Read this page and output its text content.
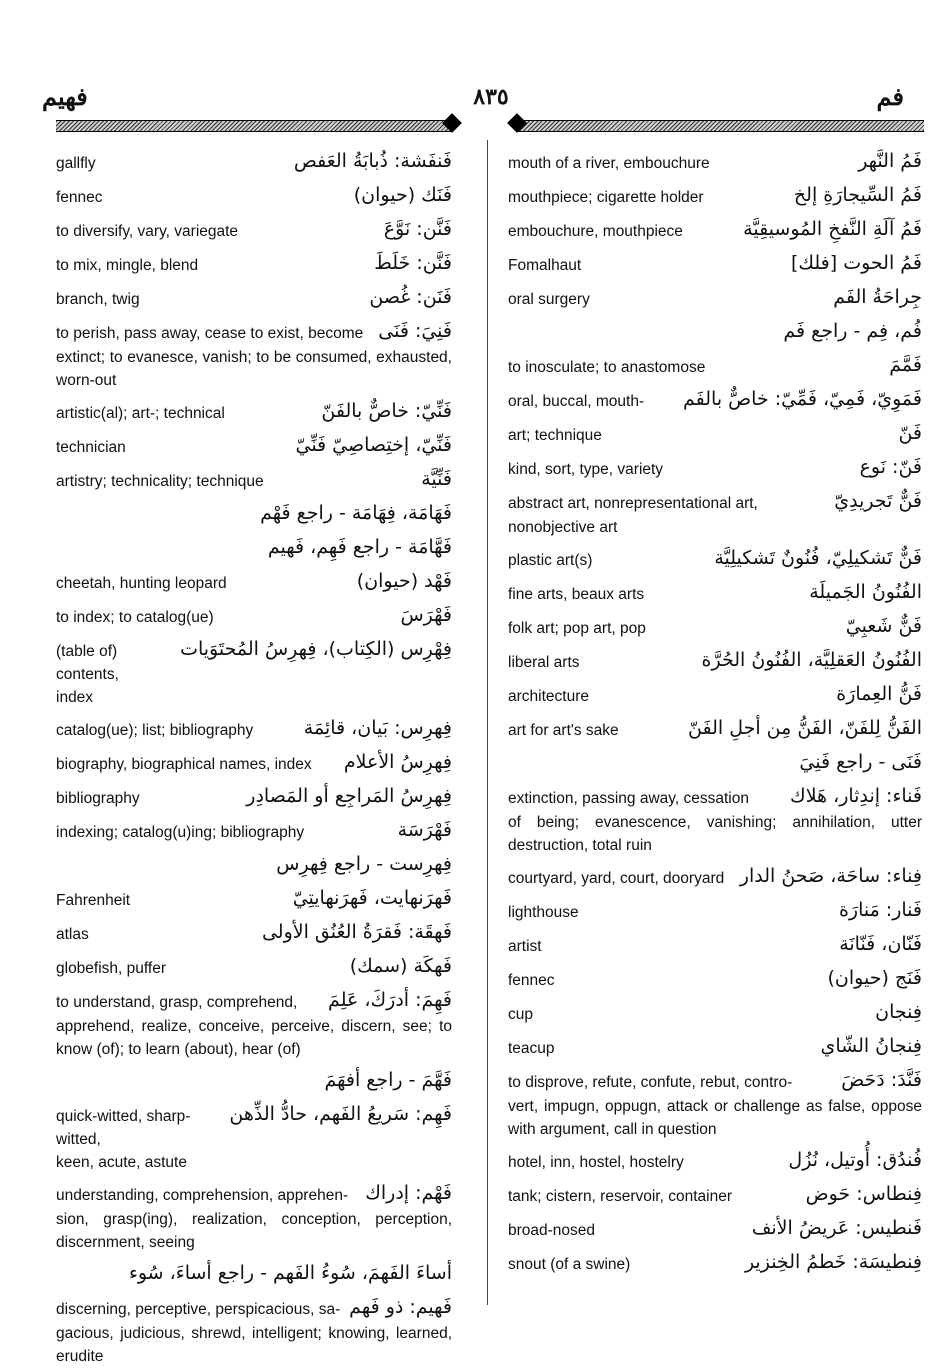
فم
٨٣٥
فهيم
gallfly	فَنفَشة: ذُبابَةُ العَفص
fennec	فَنَك (حيوان)
to diversify, vary, variegate	فَنَّن: نَوَّعَ
to mix, mingle, blend	فَنَّن: خَلَطَ
branch, twig	فَنَن: غُصن
to perish, pass away, cease to exist, become فَنِيَ: فَنَى
extinct; to evanesce, vanish; to be consumed, exhausted, worn-out
artistic(al); art-; technical	فَنِّيّ: خاصٌّ بالفَنّ
technician	فَنِّيّ، إختِصاصِيّ فَنِّيّ
artistry; technicality; technique	فَنِّيَّة
فَهَامَة، فِهَامَة - راجع فَهْم
فَهَّامَة - راجع فَهِم، فَهيم
cheetah, hunting leopard	فَهْد (حيوان)
to index; to catalog(ue)	فَهْرَسَ
(table of) contents,
فِهْرِس (الكِتاب)، فِهرِسُ المُحتَوَيات
index
catalog(ue); list; bibliography	فِهرِس: بَيان، قائِمَة
biography, biographical names, index	فِهرِسُ الأعلام
bibliography	فِهرِسُ المَراجِع أو المَصادِر
indexing; catalog(u)ing; bibliography	فَهْرَسَة
فِهرِست - راجع فِهرِس
Fahrenheit	فَهرَنهايت، فَهرَنهايتِيّ
atlas	فَهقَة: فَقرَةُ العُنُق الأولى
globefish, puffer	فَهكَة (سمك)
to understand, grasp, comprehend,	فَهِمَ: أدرَكَ، عَلِمَ
apprehend, realize, conceive, perceive, discern, see; to know (of); to learn (about), hear (of)
فَهَّمَ - راجع أفهَمَ
quick-witted, sharp-witted,
فَهِم: سَريعُ الفَهم، حادُّ الذِّهن
keen, acute, astute
understanding, comprehension, apprehen- فَهْم: إدراك
sion, grasp(ing), realization, conception, perception, discernment, seeing
أساءَ الفَهمَ، سُوءُ الفَهم - راجع أساءَ، سُوء
discerning, perceptive, perspicacious, sa- فَهيم: ذو فَهم
gacious, judicious, shrewd, intelligent; knowing, learned, erudite
mouth of a river, embouchure	فَمُ النَّهر
mouthpiece; cigarette holder	فَمُ السِّيجارَةِ إلخ
embouchure, mouthpiece	فَمُ آلَةِ النَّفخِ المُوسيقِيَّة
Fomalhaut	فَمُ الحوت [فلك]
oral surgery	جِراحَةُ الفَم
فُم، فِم - راجع فَم
to inosculate; to anastomose	فَمَّمَ
oral, buccal, mouth-	فَمَوِيّ، فَمِيّ، فَمِّيّ: خاصٌّ بالفَم
art; technique	فَنّ
kind, sort, type, variety	فَنّ: نَوع
abstract art, nonrepresentational art,	فَنٌّ تَجريدِيّ
nonobjective art
plastic art(s)	فَنٌّ تَشكيلِيّ، فُنُونٌ تَشكيلِيَّة
fine arts, beaux arts	الفُنُونُ الجَميلَة
folk art; pop art, pop	فَنٌّ شَعبِيّ
liberal arts	الفُنُونُ العَقلِيَّة، الفُنُونُ الحُرَّة
architecture	فَنُّ العِمارَة
art for art's sake	الفَنُّ لِلفَنّ، الفَنُّ مِن أجلِ الفَنّ
فَنَى - راجع فَنِيَ
extinction, passing away, cessation	فَناء: إندِثار، هَلاك
of being; evanescence, vanishing; annihilation, utter destruction, total ruin
courtyard, yard, court, dooryard فِناء: ساحَة، صَحنُ الدار
lighthouse	فَنار: مَنارَة
artist	فَنّان، فَنّانَة
fennec	فَنَج (حيوان)
cup	فِنجان
teacup	فِنجانُ الشّاي
to disprove, refute, confute, rebut, contro-	فَنَّدَ: دَحَضَ
vert, impugn, oppugn, attack or challenge as false, oppose with argument, call in question
hotel, inn, hostel, hostelry	فُندُق: أُوتيل، نُزُل
tank; cistern, reservoir, container	فِنطاس: حَوض
broad-nosed	فَنطيس: عَريضُ الأنف
snout (of a swine)	فِنطيسَة: خَطمُ الخِنزير
